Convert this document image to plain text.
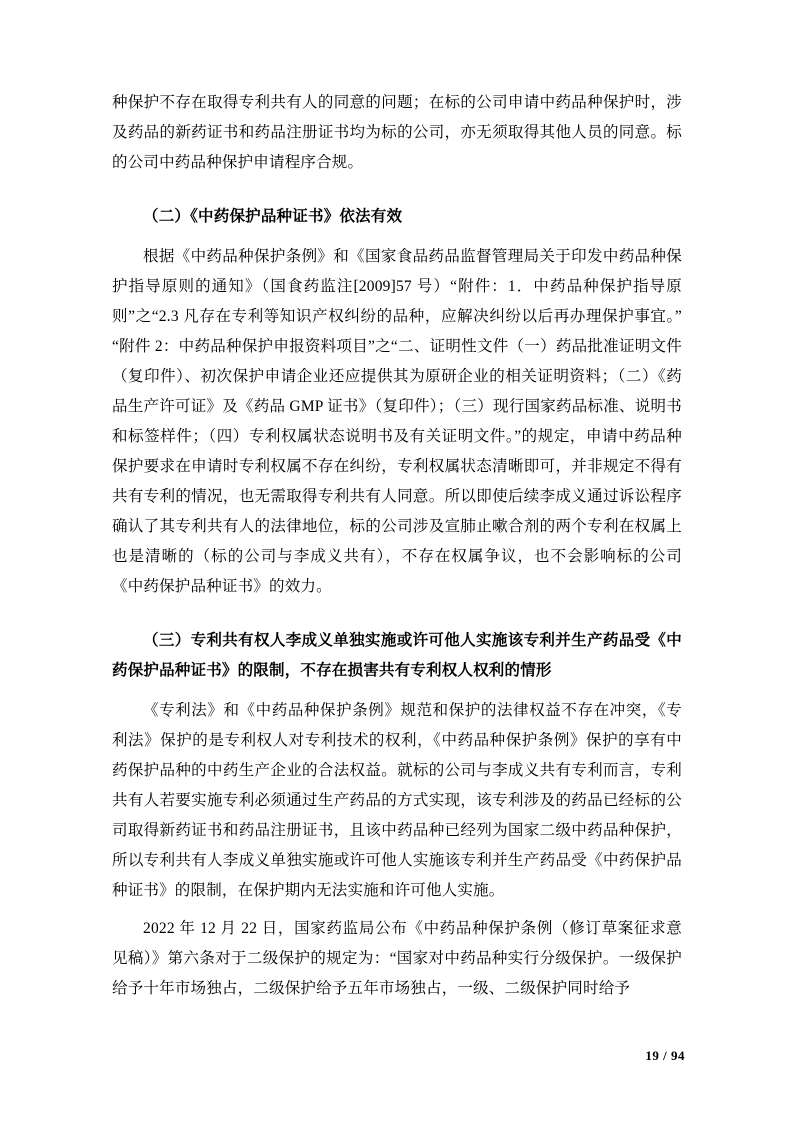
种保护不存在取得专利共有人的同意的问题；在标的公司申请中药品种保护时，涉及药品的新药证书和药品注册证书均为标的公司，亦无须取得其他人员的同意。标的公司中药品种保护申请程序合规。

（二）《中药保护品种证书》依法有效

根据《中药品种保护条例》和《国家食品药品监督管理局关于印发中药品种保护指导原则的通知》（国食药监注[2009]57 号）“附件：1．中药品种保护指导原则”之“2.3 凡存在专利等知识产权纠纷的品种，应解决纠纷以后再办理保护事宜。” “附件 2：中药品种保护申报资料项目”之“二、证明性文件（一）药品批准证明文件（复印件）、初次保护申请企业还应提供其为原研企业的相关证明资料；（二）《药品生产许可证》及《药品 GMP 证书》（复印件）；（三）现行国家药品标准、说明书和标签样件；（四）专利权属状态说明书及有关证明文件。”的规定，申请中药品种保护要求在申请时专利权属不存在纠纷，专利权属状态清晰即可，并非规定不得有共有专利的情况，也无需取得专利共有人同意。所以即使后续李成义通过诉讼程序确认了其专利共有人的法律地位，标的公司涉及宣肺止嗽合剂的两个专利在权属上也是清晰的（标的公司与李成义共有），不存在权属争议，也不会影响标的公司《中药保护品种证书》的效力。

（三）专利共有权人李成义单独实施或许可他人实施该专利并生产药品受《中药保护品种证书》的限制，不存在损害共有专利权人权利的情形

《专利法》和《中药品种保护条例》规范和保护的法律权益不存在冲突，《专利法》保护的是专利权人对专利技术的权利，《中药品种保护条例》保护的享有中药保护品种的中药生产企业的合法权益。就标的公司与李成义共有专利而言，专利共有人若要实施专利必须通过生产药品的方式实现，该专利涉及的药品已经标的公司取得新药证书和药品注册证书，且该中药品种已经列为国家二级中药品种保护，所以专利共有人李成义单独实施或许可他人实施该专利并生产药品受《中药保护品种证书》的限制，在保护期内无法实施和许可他人实施。

2022 年 12 月 22 日，国家药监局公布《中药品种保护条例（修订草案征求意见稿）》第六条对于二级保护的规定为：“国家对中药品种实行分级保护。一级保护给予十年市场独占，二级保护给予五年市场独占，一级、二级保护同时给予

19 / 94
